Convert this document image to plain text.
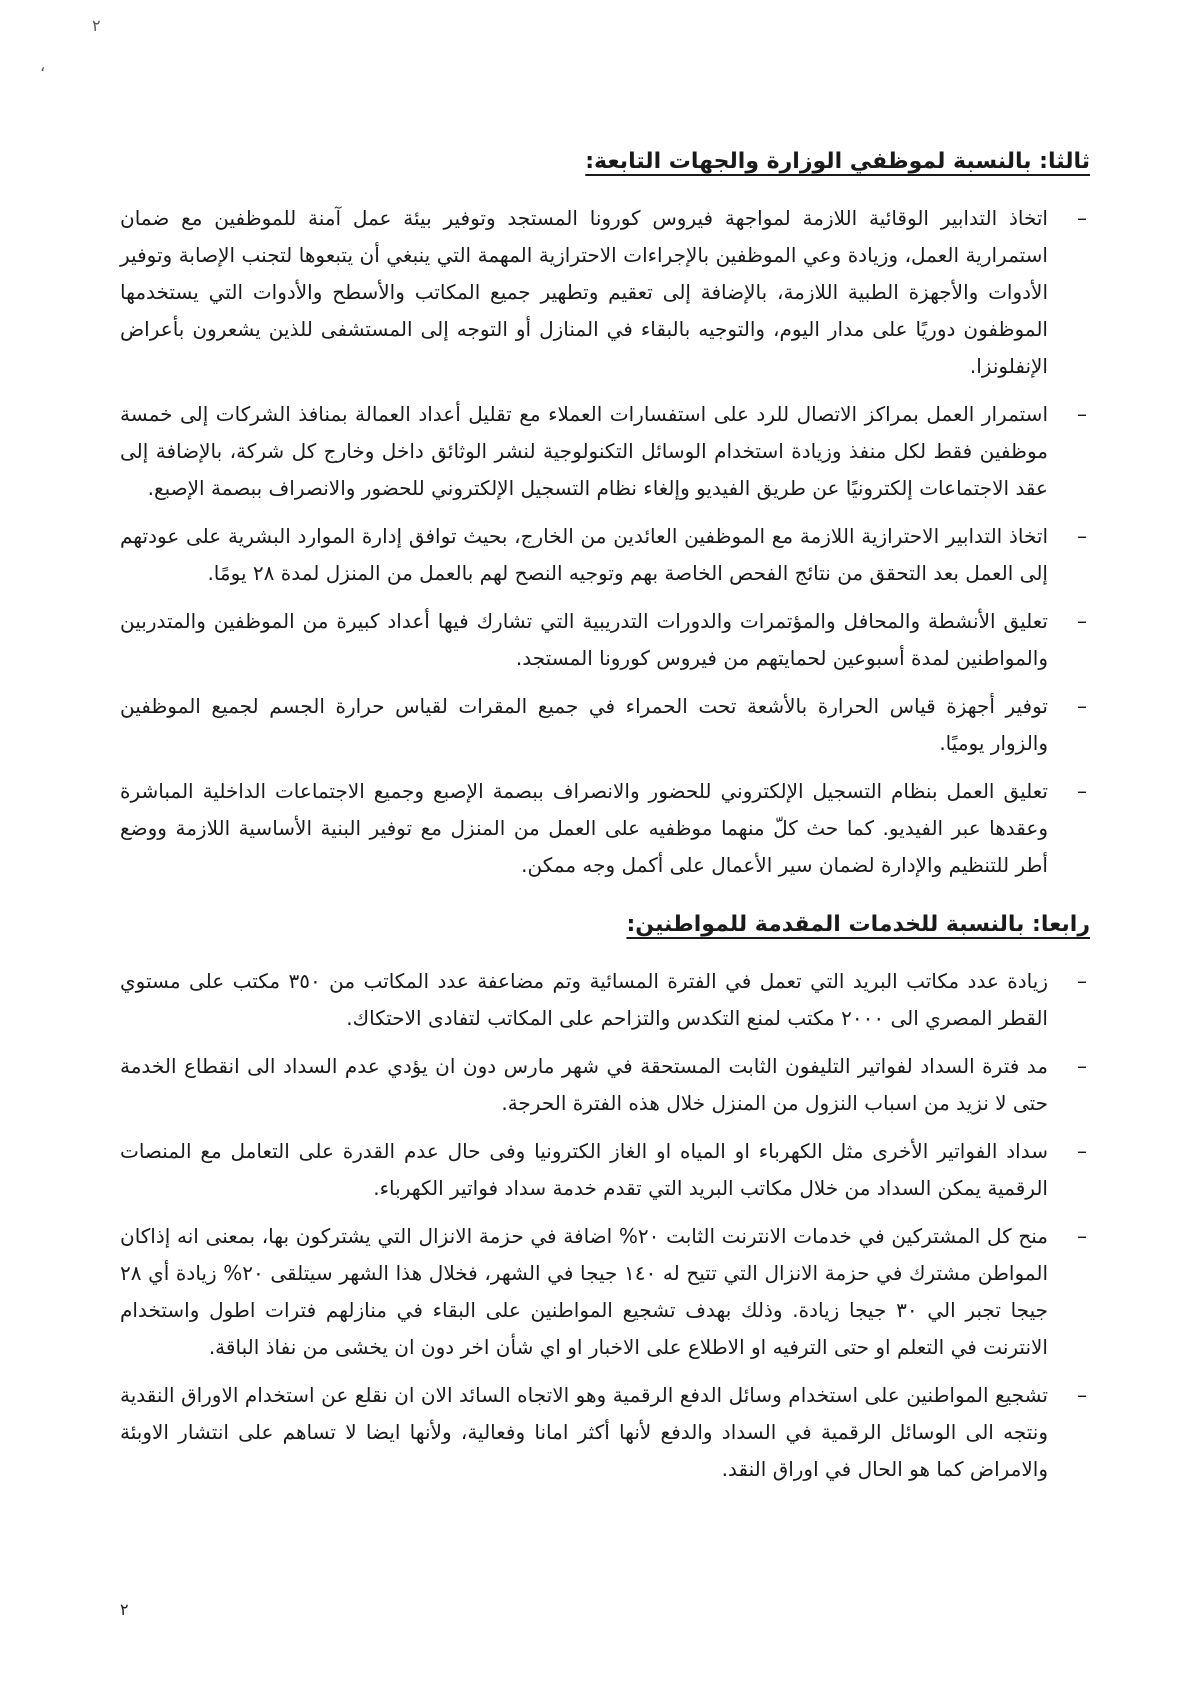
٢
،
ثالثا: بالنسبة لموظفي الوزارة والجهات التابعة:
–
اتخاذ التدابير الوقائية اللازمة لمواجهة فيروس كورونا المستجد وتوفير بيئة عمل آمنة للموظفين مع ضمان استمرارية العمل، وزيادة وعي الموظفين بالإجراءات الاحترازية المهمة التي ينبغي أن يتبعوها لتجنب الإصابة وتوفير الأدوات والأجهزة الطبية اللازمة، بالإضافة إلى تعقيم وتطهير جميع المكاتب والأسطح والأدوات التي يستخدمها الموظفون دوريًا على مدار اليوم، والتوجيه بالبقاء في المنازل أو التوجه إلى المستشفى للذين يشعرون بأعراض الإنفلونزا.
–
استمرار العمل بمراكز الاتصال للرد على استفسارات العملاء مع تقليل أعداد العمالة بمنافذ الشركات إلى خمسة موظفين فقط لكل منفذ وزيادة استخدام الوسائل التكنولوجية لنشر الوثائق داخل وخارج كل شركة، بالإضافة إلى عقد الاجتماعات إلكترونيًا عن طريق الفيديو وإلغاء نظام التسجيل الإلكتروني للحضور والانصراف ببصمة الإصبع.
–
اتخاذ التدابير الاحترازية اللازمة مع الموظفين العائدين من الخارج، بحيث توافق إدارة الموارد البشرية على عودتهم إلى العمل بعد التحقق من نتائج الفحص الخاصة بهم وتوجيه النصح لهم بالعمل من المنزل لمدة ٢٨ يومًا.
–
تعليق الأنشطة والمحافل والمؤتمرات والدورات التدريبية التي تشارك فيها أعداد كبيرة من الموظفين والمتدربين والمواطنين لمدة أسبوعين لحمايتهم من فيروس كورونا المستجد.
–
توفير أجهزة قياس الحرارة بالأشعة تحت الحمراء في جميع المقرات لقياس حرارة الجسم لجميع الموظفين والزوار يوميًا.
–
تعليق العمل بنظام التسجيل الإلكتروني للحضور والانصراف ببصمة الإصبع وجميع الاجتماعات الداخلية المباشرة وعقدها عبر الفيديو. كما حث كلّ منهما موظفيه على العمل من المنزل مع توفير البنية الأساسية اللازمة ووضع أطر للتنظيم والإدارة لضمان سير الأعمال على أكمل وجه ممكن.
رابعا: بالنسبة للخدمات المقدمة للمواطنين:
–
زيادة عدد مكاتب البريد التي تعمل في الفترة المسائية وتم مضاعفة عدد المكاتب من ٣٥٠ مكتب على مستوي القطر المصري الى ٢٠٠٠ مكتب لمنع التكدس والتزاحم على المكاتب لتفادى الاحتكاك.
–
مد فترة السداد لفواتير التليفون الثابت المستحقة في شهر مارس دون ان يؤدي عدم السداد الى انقطاع الخدمة حتى لا نزيد من اسباب النزول من المنزل خلال هذه الفترة الحرجة.
–
سداد الفواتير الأخرى مثل الكهرباء او المياه او الغاز الكترونيا وفى حال عدم القدرة على التعامل مع المنصات الرقمية يمكن السداد من خلال مكاتب البريد التي تقدم خدمة سداد فواتير الكهرباء.
–
منح كل المشتركين في خدمات الانترنت الثابت ٢٠% اضافة في حزمة الانزال التي يشتركون بها، بمعنى انه إذاكان المواطن مشترك في حزمة الانزال التي تتيح له ١٤٠ جيجا في الشهر، فخلال هذا الشهر سيتلقى ٢٠% زيادة أي ٢٨ جيجا تجبر الي ٣٠ جيجا زيادة. وذلك بهدف تشجيع المواطنين على البقاء في منازلهم فترات اطول واستخدام الانترنت في التعلم او حتى الترفيه او الاطلاع على الاخبار او اي شأن اخر دون ان يخشى من نفاذ الباقة.
–
تشجيع المواطنين على استخدام وسائل الدفع الرقمية وهو الاتجاه السائد الان ان نقلع عن استخدام الاوراق النقدية ونتجه الى الوسائل الرقمية في السداد والدفع لأنها أكثر امانا وفعالية، ولأنها ايضا لا تساهم على انتشار الاوبئة والامراض كما هو الحال في اوراق النقد.
٢
